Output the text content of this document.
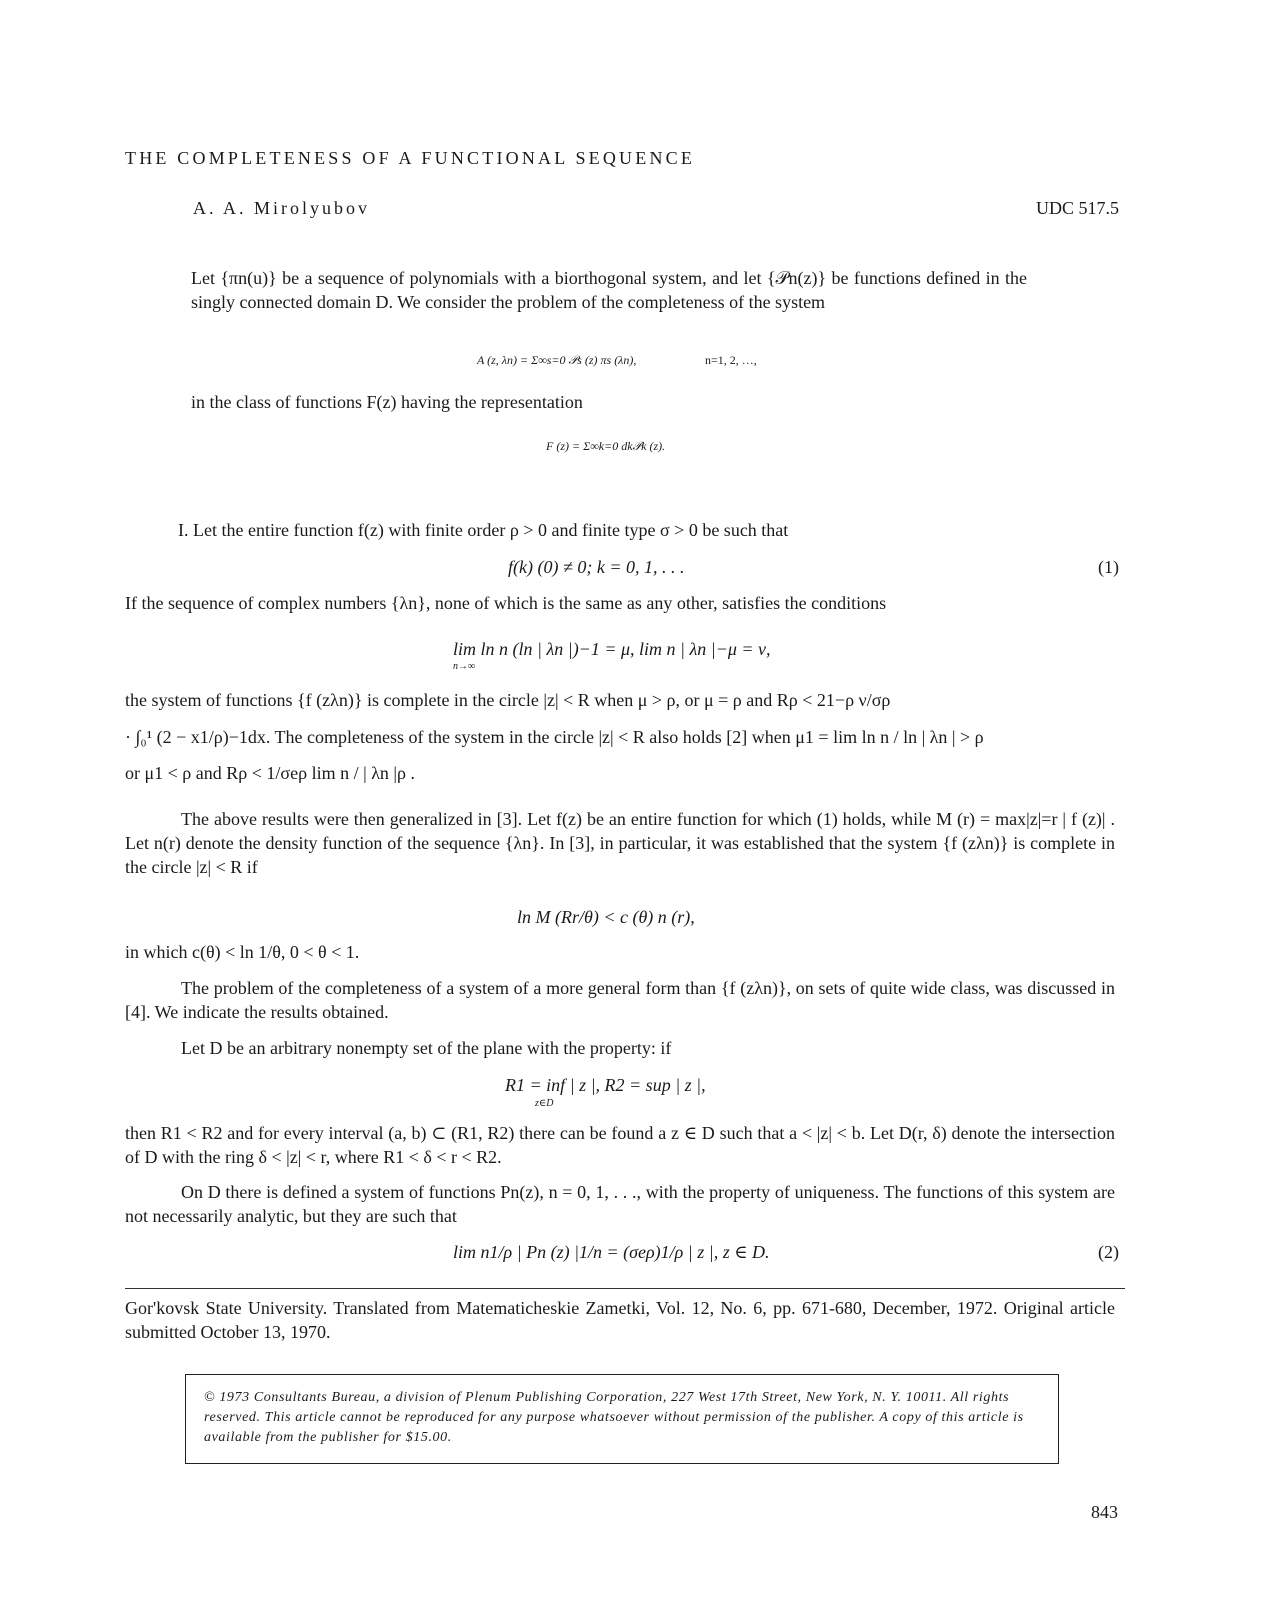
THE COMPLETENESS OF A FUNCTIONAL SEQUENCE
A. A. Mirolyubov	UDC 517.5
Let {πn(u)} be a sequence of polynomials with a biorthogonal system, and let {𝒫n(z)} be functions defined in the singly connected domain D. We consider the problem of the completeness of the system
A (z, λn) = Σ∞s=0 𝒫s (z) πs (λn),	n=1, 2, …,
in the class of functions F(z) having the representation
F (z) = Σ∞k=0 dk𝒫k (z).
I. Let the entire function f(z) with finite order ρ > 0 and finite type σ > 0 be such that
f(k) (0) ≠ 0; k = 0, 1, . . .	(1)
If the sequence of complex numbers {λn}, none of which is the same as any other, satisfies the conditions
lim ln n (ln | λn |)−1 = μ, lim n | λn |−μ = ν,
n→∞
the system of functions {f (zλn)} is complete in the circle |z| < R when μ > ρ, or μ = ρ and Rρ < 21−ρ ν/σρ
· ∫₀¹ (2 − x1/ρ)−1dx. The completeness of the system in the circle |z| < R also holds [2] when μ1 = lim ln n / ln | λn | > ρ
or μ1 < ρ and Rρ < 1/σeρ lim n / | λn |ρ .
The above results were then generalized in [3]. Let f(z) be an entire function for which (1) holds, while M (r) = max|z|=r | f (z)| . Let n(r) denote the density function of the sequence {λn}. In [3], in particular, it was established that the system {f (zλn)} is complete in the circle |z| < R if
ln M (Rr/θ) < c (θ) n (r),
in which c(θ) < ln 1/θ, 0 < θ < 1.
The problem of the completeness of a system of a more general form than {f (zλn)}, on sets of quite wide class, was discussed in [4]. We indicate the results obtained.
Let D be an arbitrary nonempty set of the plane with the property: if
R1 = inf | z |, R2 = sup | z |,
z∈D
then R1 < R2 and for every interval (a, b) ⊂ (R1, R2) there can be found a z ∈ D such that a < |z| < b. Let D(r, δ) denote the intersection of D with the ring δ < |z| < r, where R1 < δ < r < R2.
On D there is defined a system of functions Pn(z), n = 0, 1, . . ., with the property of uniqueness. The functions of this system are not necessarily analytic, but they are such that
lim n1/ρ | Pn (z) |1/n = (σeρ)1/ρ | z |, z ∈ D.	(2)
Gor'kovsk State University. Translated from Matematicheskie Zametki, Vol. 12, No. 6, pp. 671-680, December, 1972. Original article submitted October 13, 1970.
© 1973 Consultants Bureau, a division of Plenum Publishing Corporation, 227 West 17th Street, New York, N. Y. 10011. All rights reserved. This article cannot be reproduced for any purpose whatsoever without permission of the publisher. A copy of this article is available from the publisher for $15.00.
843
